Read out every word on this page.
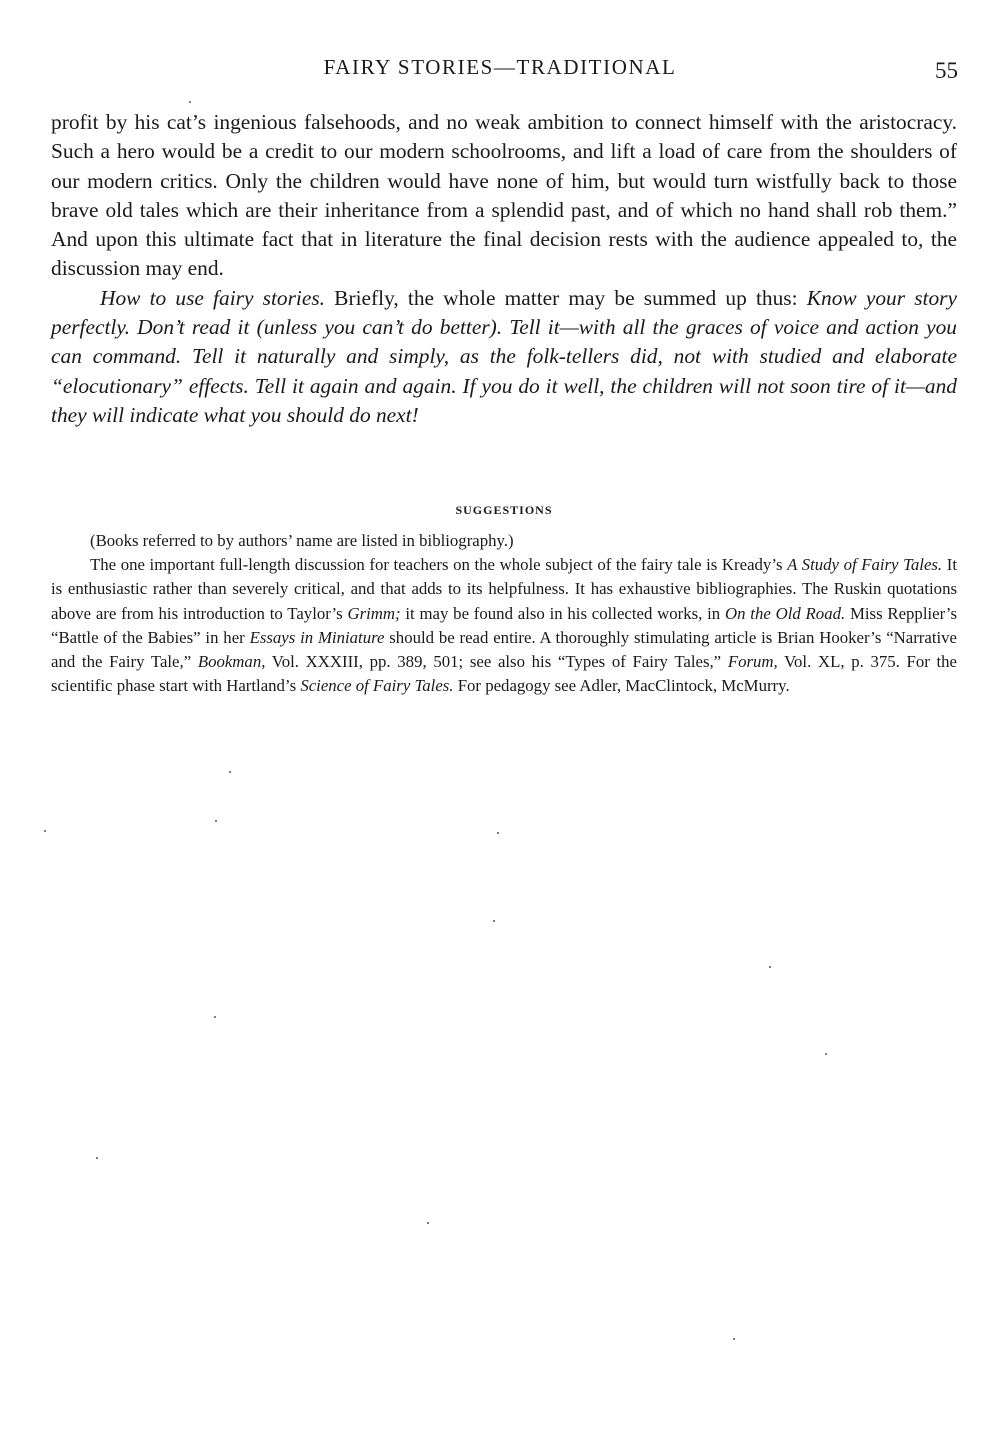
FAIRY STORIES—TRADITIONAL	55

profit by his cat’s ingenious falsehoods, and no weak ambition to connect himself with the aristocracy. Such a hero would be a credit to our modern schoolrooms, and lift a load of care from the shoulders of our modern critics. Only the children would have none of him, but would turn wistfully back to those brave old tales which are their inheritance from a splendid past, and of which no hand shall rob them.” And upon this ultimate fact that in literature the final decision rests with the audience appealed to, the discussion may end.

How to use fairy stories. Briefly, the whole matter may be summed up thus: Know your story perfectly. Don’t read it (unless you can’t do better). Tell it—with all the graces of voice and action you can command. Tell it naturally and simply, as the folk-tellers did, not with studied and elaborate “elocutionary” effects. Tell it again and again. If you do it well, the children will not soon tire of it—and they will indicate what you should do next!

SUGGESTIONS

(Books referred to by authors’ name are listed in bibliography.)

The one important full-length discussion for teachers on the whole subject of the fairy tale is Kready’s A Study of Fairy Tales. It is enthusiastic rather than severely critical, and that adds to its helpfulness. It has exhaustive bibliographies. The Ruskin quotations above are from his introduction to Taylor’s Grimm; it may be found also in his collected works, in On the Old Road. Miss Repplier’s “Battle of the Babies” in her Essays in Miniature should be read entire. A thoroughly stimulating article is Brian Hooker’s “Narrative and the Fairy Tale,” Bookman, Vol. XXXIII, pp. 389, 501; see also his “Types of Fairy Tales,” Forum, Vol. XL, p. 375. For the scientific phase start with Hartland’s Science of Fairy Tales. For pedagogy see Adler, MacClintock, McMurry.
